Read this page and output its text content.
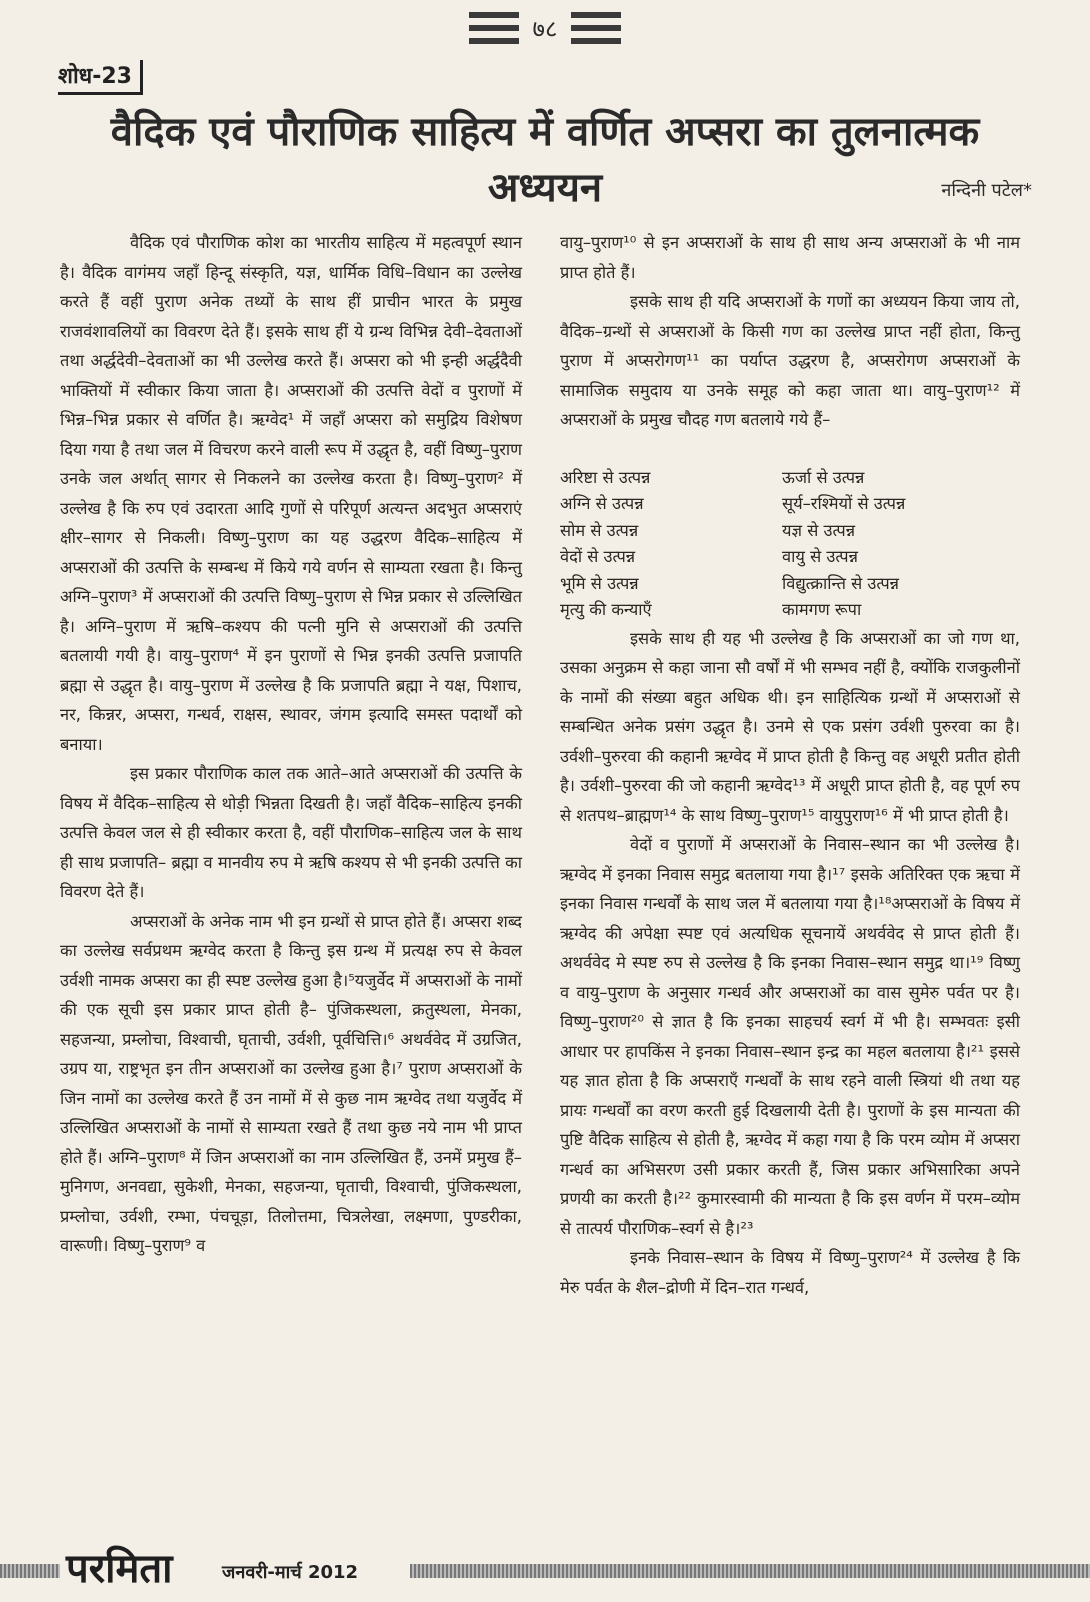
७८
शोध-23
वैदिक एवं पौराणिक साहित्य में वर्णित अप्सरा का तुलनात्मक अध्ययन	नन्दिनी पटेल*

वैदिक एवं पौराणिक कोश का भारतीय साहित्य में महत्वपूर्ण स्थान है। वैदिक वागंमय जहाँ हिन्दू संस्कृति, यज्ञ, धार्मिक विधि–विधान का उल्लेख करते हैं वहीं पुराण अनेक तथ्यों के साथ हीं प्राचीन भारत के प्रमुख राजवंशावलियों का विवरण देते हैं। इसके साथ हीं ये ग्रन्थ विभिन्न देवी–देवताओं तथा अर्द्धदेवी–देवताओं का भी उल्लेख करते हैं। अप्सरा को भी इन्ही अर्द्धदैवी भाक्तियों में स्वीकार किया जाता है। अप्सराओं की उत्पत्ति वेदों व पुराणों में भिन्न–भिन्न प्रकार से वर्णित है। ऋग्वेद¹ में जहाँ अप्सरा को समुद्रिय विशेषण दिया गया है तथा जल में विचरण करने वाली रूप में उद्धृत है, वहीं विष्णु–पुराण उनके जल अर्थात् सागर से निकलने का उल्लेख करता है। विष्णु–पुराण² में उल्लेख है कि रुप एवं उदारता आदि गुणों से परिपूर्ण अत्यन्त अदभुत अप्सराएं क्षीर–सागर से निकली। विष्णु–पुराण का यह उद्धरण वैदिक–साहित्य में अप्सराओं की उत्पत्ति के सम्बन्ध में किये गये वर्णन से साम्यता रखता है। किन्तु अग्नि–पुराण³ में अप्सराओं की उत्पत्ति विष्णु–पुराण से भिन्न प्रकार से उल्लिखित है। अग्नि–पुराण में ऋषि–कश्यप की पत्नी मुनि से अप्सराओं की उत्पत्ति बतलायी गयी है। वायु–पुराण⁴ में इन पुराणों से भिन्न इनकी उत्पत्ति प्रजापति ब्रह्मा से उद्धृत है। वायु–पुराण में उल्लेख है कि प्रजापति ब्रह्मा ने यक्ष, पिशाच, नर, किन्नर, अप्सरा, गन्धर्व, राक्षस, स्थावर, जंगम इत्यादि समस्त पदार्थों को बनाया।

इस प्रकार पौराणिक काल तक आते–आते अप्सराओं की उत्पत्ति के विषय में वैदिक–साहित्य से थोड़ी भिन्नता दिखती है। जहाँ वैदिक–साहित्य इनकी उत्पत्ति केवल जल से ही स्वीकार करता है, वहीं पौराणिक–साहित्य जल के साथ ही साथ प्रजापति– ब्रह्मा व मानवीय रुप मे ऋषि कश्यप से भी इनकी उत्पत्ति का विवरण देते हैं।

अप्सराओं के अनेक नाम भी इन ग्रन्थों से प्राप्त होते हैं। अप्सरा शब्द का उल्लेख सर्वप्रथम ऋग्वेद करता है किन्तु इस ग्रन्थ में प्रत्यक्ष रुप से केवल उर्वशी नामक अप्सरा का ही स्पष्ट उल्लेख हुआ है।⁵यजुर्वेद में अप्सराओं के नामों की एक सूची इस प्रकार प्राप्त होती है– पुंजिकस्थला, क्रतुस्थला, मेनका, सहजन्या, प्रम्लोचा, विश्वाची, घृताची, उर्वशी, पूर्वचित्ति।⁶ अथर्ववेद में उग्रजित, उग्रप या, राष्ट्रभृत इन तीन अप्सराओं का उल्लेख हुआ है।⁷ पुराण अप्सराओं के जिन नामों का उल्लेख करते हैं उन नामों में से कुछ नाम ऋग्वेद तथा यजुर्वेद में उल्लिखित अप्सराओं के नामों से साम्यता रखते हैं तथा कुछ नये नाम भी प्राप्त होते हैं। अग्नि–पुराण⁸ में जिन अप्सराओं का नाम उल्लिखित हैं, उनमें प्रमुख हैं– मुनिगण, अनवद्या, सुकेशी, मेनका, सहजन्या, घृताची, विश्वाची, पुंजिकस्थला, प्रम्लोचा, उर्वशी, रम्भा, पंचचूड़ा, तिलोत्तमा, चित्रलेखा, लक्ष्मणा, पुण्डरीका, वारूणी। विष्णु–पुराण⁹ व

वायु–पुराण¹⁰ से इन अप्सराओं के साथ ही साथ अन्य अप्सराओं के भी नाम प्राप्त होते हैं।

इसके साथ ही यदि अप्सराओं के गणों का अध्ययन किया जाय तो, वैदिक–ग्रन्थों से अप्सराओं के किसी गण का उल्लेख प्राप्त नहीं होता, किन्तु पुराण में अप्सरोगण¹¹ का पर्याप्त उद्धरण है, अप्सरोगण अप्सराओं के सामाजिक समुदाय या उनके समूह को कहा जाता था। वायु–पुराण¹² में अप्सराओं के प्रमुख चौदह गण बतलाये गये हैं–

अरिष्टा से उत्पन्न	ऊर्जा से उत्पन्न
अग्नि से उत्पन्न	सूर्य–रश्मियों से उत्पन्न
सोम से उत्पन्न	यज्ञ से उत्पन्न
वेदों से उत्पन्न	वायु से उत्पन्न
भूमि से उत्पन्न	विद्युत्क्रान्ति से उत्पन्न
मृत्यु की कन्याएँ	कामगण रूपा

इसके साथ ही यह भी उल्लेख है कि अप्सराओं का जो गण था, उसका अनुक्रम से कहा जाना सौ वर्षों में भी सम्भव नहीं है, क्योंकि राजकुलीनों के नामों की संख्या बहुत अधिक थी। इन साहित्यिक ग्रन्थों में अप्सराओं से सम्बन्धित अनेक प्रसंग उद्धृत है। उनमे से एक प्रसंग उर्वशी पुरुरवा का है। उर्वशी–पुरुरवा की कहानी ऋग्वेद में प्राप्त होती है किन्तु वह अधूरी प्रतीत होती है। उर्वशी–पुरुरवा की जो कहानी ऋग्वेद¹³ में अधूरी प्राप्त होती है, वह पूर्ण रुप से शतपथ–ब्राह्मण¹⁴ के साथ विष्णु–पुराण¹⁵ वायुपुराण¹⁶ में भी प्राप्त होती है।

वेदों व पुराणों में अप्सराओं के निवास–स्थान का भी उल्लेख है। ऋग्वेद में इनका निवास समुद्र बतलाया गया है।¹⁷ इसके अतिरिक्त एक ऋचा में इनका निवास गन्धर्वों के साथ जल में बतलाया गया है।¹⁸अप्सराओं के विषय में ऋग्वेद की अपेक्षा स्पष्ट एवं अत्यधिक सूचनायें अथर्ववेद से प्राप्त होती हैं। अथर्ववेद मे स्पष्ट रुप से उल्लेख है कि इनका निवास–स्थान समुद्र था।¹⁹ विष्णु व वायु–पुराण के अनुसार गन्धर्व और अप्सराओं का वास सुमेरु पर्वत पर है। विष्णु–पुराण²⁰ से ज्ञात है कि इनका साहचर्य स्वर्ग में भी है। सम्भवतः इसी आधार पर हापकिंस ने इनका निवास–स्थान इन्द्र का महल बतलाया है।²¹ इससे यह ज्ञात होता है कि अप्सराएँ गन्धर्वों के साथ रहने वाली स्त्रियां थी तथा यह प्रायः गन्धर्वों का वरण करती हुई दिखलायी देती है। पुराणों के इस मान्यता की पुष्टि वैदिक साहित्य से होती है, ऋग्वेद में कहा गया है कि परम व्योम में अप्सरा गन्धर्व का अभिसरण उसी प्रकार करती हैं, जिस प्रकार अभिसारिका अपने प्रणयी का करती है।²² कुमारस्वामी की मान्यता है कि इस वर्णन में परम–व्योम से तात्पर्य पौराणिक–स्वर्ग से है।²³

इनके निवास–स्थान के विषय में विष्णु–पुराण²⁴ में उल्लेख है कि मेरु पर्वत के शैल–द्रोणी में दिन–रात गन्धर्व,

परमिता	जनवरी-मार्च 2012
